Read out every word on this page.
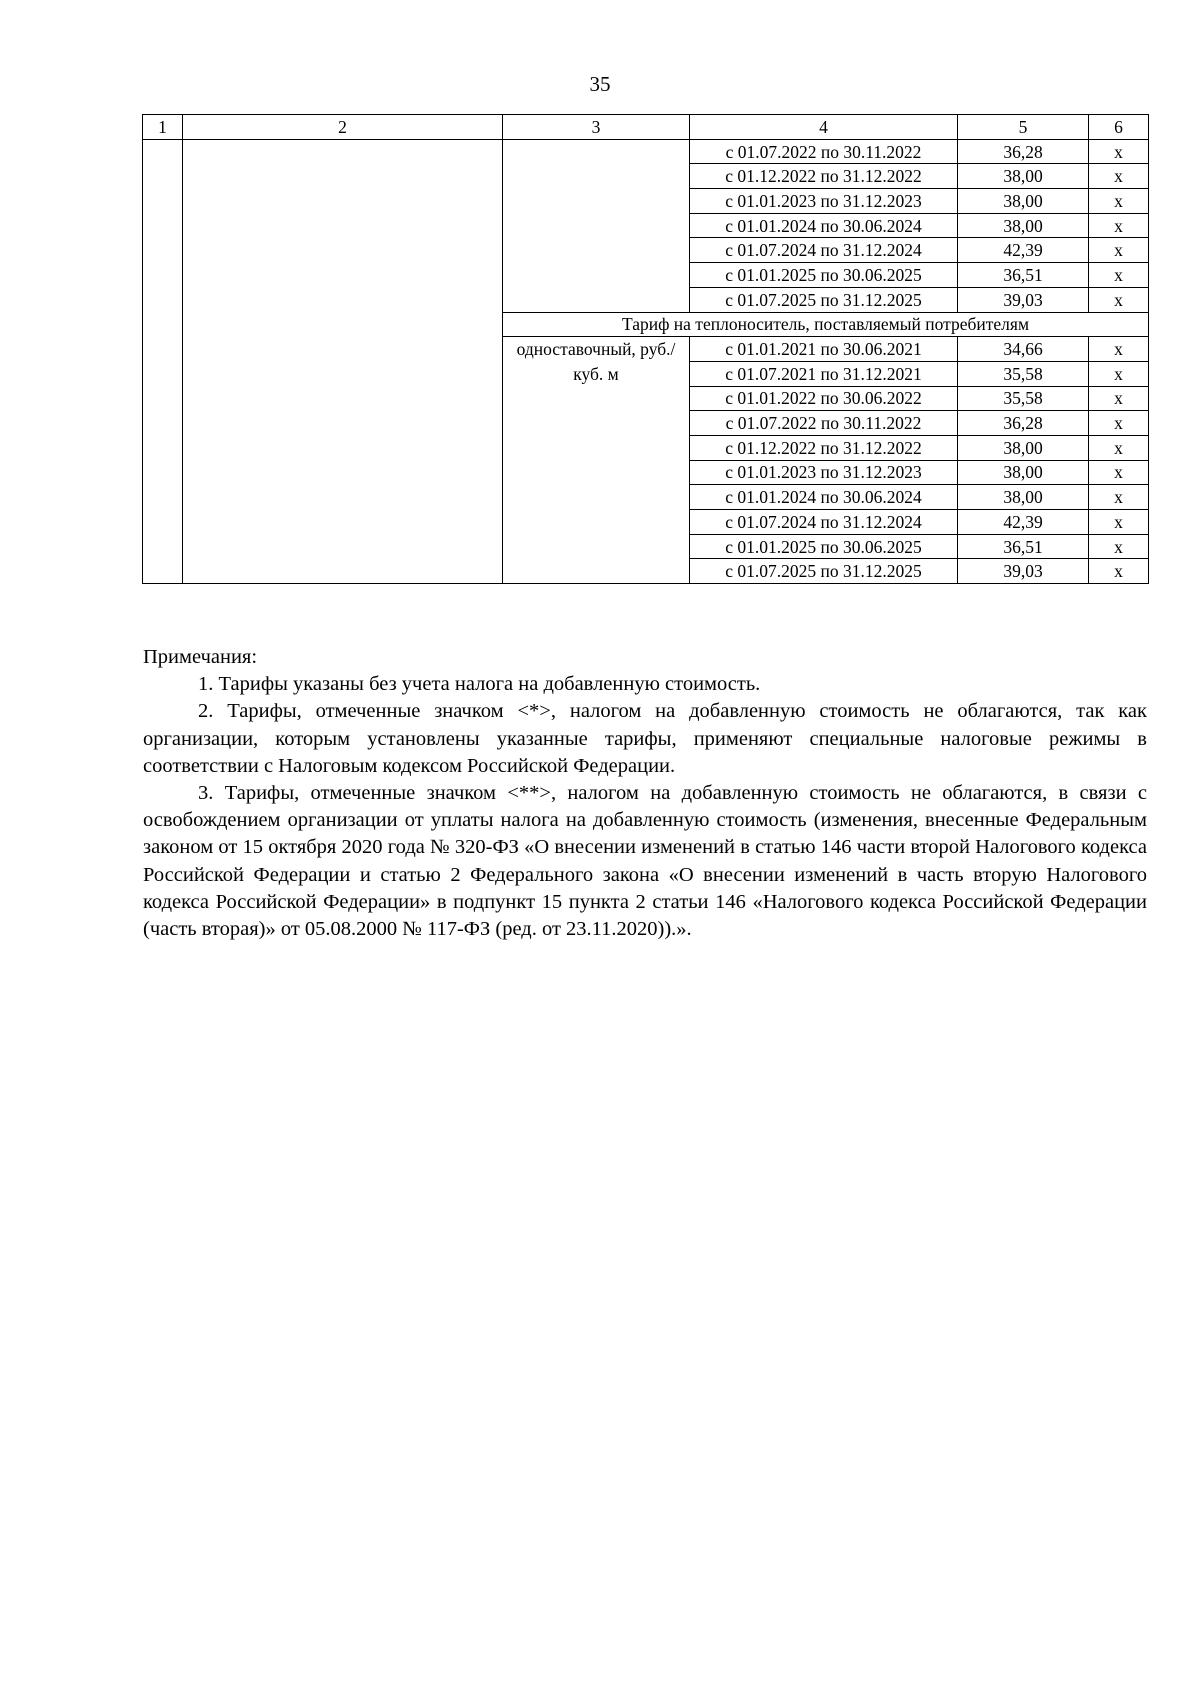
35
1	2	3	4	5	6
			с 01.07.2022 по 30.11.2022	36,28	х
			с 01.12.2022 по 31.12.2022	38,00	х
			с 01.01.2023 по 31.12.2023	38,00	х
			с 01.01.2024 по 30.06.2024	38,00	х
			с 01.07.2024 по 31.12.2024	42,39	х
			с 01.01.2025 по 30.06.2025	36,51	х
			с 01.07.2025 по 31.12.2025	39,03	х
		Тариф на теплоноситель, поставляемый потребителям			
		одноставочный, руб./куб. м	с 01.01.2021 по 30.06.2021	34,66	х
			с 01.07.2021 по 31.12.2021	35,58	х
			с 01.01.2022 по 30.06.2022	35,58	х
			с 01.07.2022 по 30.11.2022	36,28	х
			с 01.12.2022 по 31.12.2022	38,00	х
			с 01.01.2023 по 31.12.2023	38,00	х
			с 01.01.2024 по 30.06.2024	38,00	х
			с 01.07.2024 по 31.12.2024	42,39	х
			с 01.01.2025 по 30.06.2025	36,51	х
			с 01.07.2025 по 31.12.2025	39,03	х

Примечания:

1. Тарифы указаны без учета налога на добавленную стоимость.

2. Тарифы, отмеченные значком <*>, налогом на добавленную стоимость не облагаются, так как организации, которым установлены указанные тарифы, применяют специальные налоговые режимы в соответствии с Налоговым кодексом Российской Федерации.

3. Тарифы, отмеченные значком <**>, налогом на добавленную стоимость не облагаются, в связи с освобождением организации от уплаты налога на добавленную стоимость (изменения, внесенные Федеральным законом от 15 октября 2020 года № 320-ФЗ «О внесении изменений в статью 146 части второй Налогового кодекса Российской Федерации и статью 2 Федерального закона «О внесении изменений в часть вторую Налогового кодекса Российской Федерации» в подпункт 15 пункта 2 статьи 146 «Налогового кодекса Российской Федерации (часть вторая)» от 05.08.2000 № 117-ФЗ (ред. от 23.11.2020)).».
